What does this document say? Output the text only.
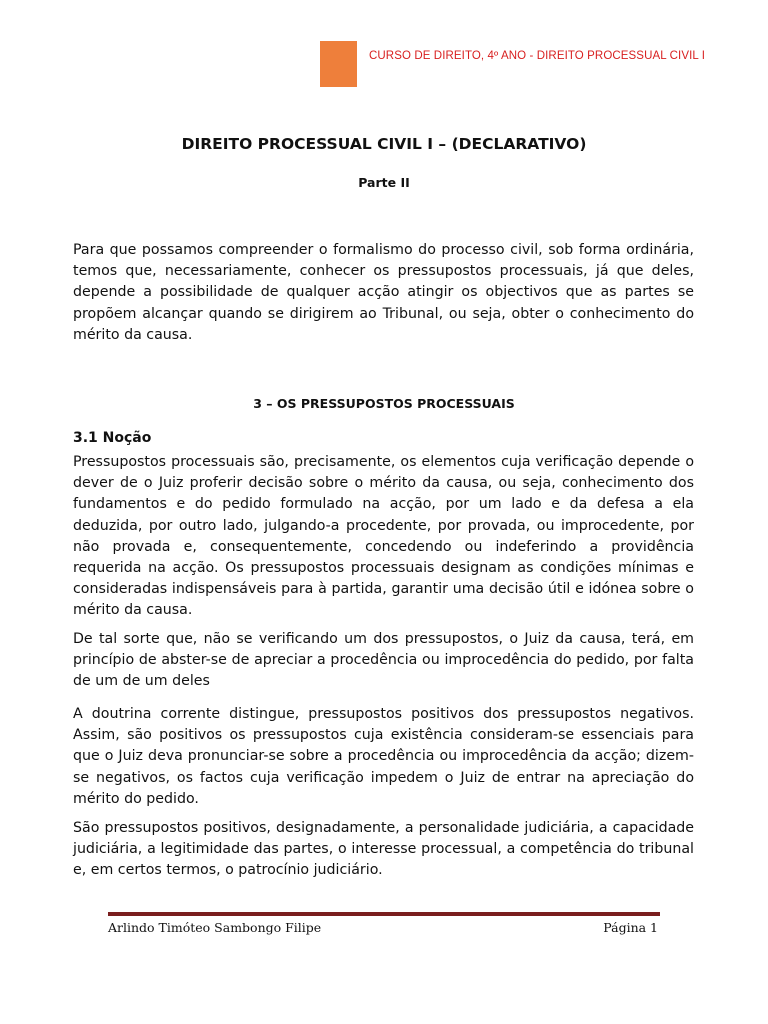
CURSO DE DIREITO, 4º ANO - DIREITO PROCESSUAL CIVIL I
DIREITO PROCESSUAL CIVIL I – (DECLARATIVO)
Parte II

Para que possamos compreender o formalismo do processo civil, sob forma ordinária, temos que, necessariamente, conhecer os pressupostos processuais, já que deles, depende a possibilidade de qualquer acção atingir os objectivos que as partes se propõem alcançar quando se dirigirem ao Tribunal, ou seja, obter o conhecimento do mérito da causa.

3 – OS PRESSUPOSTOS PROCESSUAIS
3.1 Noção

Pressupostos processuais são, precisamente, os elementos cuja verificação depende o dever de o Juiz proferir decisão sobre o mérito da causa, ou seja, conhecimento dos fundamentos e do pedido formulado na acção, por um lado e da defesa a ela deduzida, por outro lado, julgando-a procedente, por provada, ou improcedente, por não provada e, consequentemente, concedendo ou indeferindo a providência requerida na acção. Os pressupostos processuais designam as condições mínimas e consideradas indispensáveis para à partida, garantir uma decisão útil e idónea sobre o mérito da causa.

De tal sorte que, não se verificando um dos pressupostos, o Juiz da causa, terá, em princípio de abster-se de apreciar a procedência ou improcedência do pedido, por falta de um de um deles

A doutrina corrente distingue, pressupostos positivos dos pressupostos negativos. Assim, são positivos os pressupostos cuja existência consideram-se essenciais para que o Juiz deva pronunciar-se sobre a procedência ou improcedência da acção; dizem-se negativos, os factos cuja verificação impedem o Juiz de entrar na apreciação do mérito do pedido.

São pressupostos positivos, designadamente, a personalidade judiciária, a capacidade judiciária, a legitimidade das partes, o interesse processual, a competência do tribunal e, em certos termos, o patrocínio judiciário.

Arlindo Timóteo Sambongo Filipe	Página 1
